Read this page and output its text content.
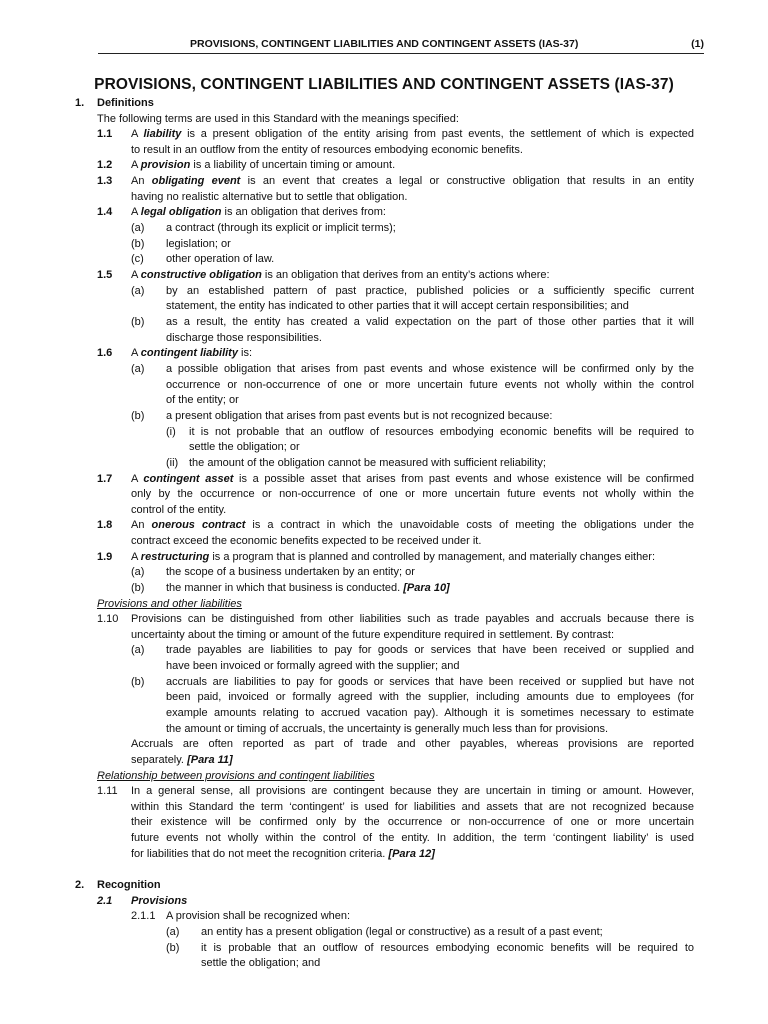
PROVISIONS, CONTINGENT LIABILITIES AND CONTINGENT ASSETS (IAS-37)	(1)
PROVISIONS, CONTINGENT LIABILITIES AND CONTINGENT ASSETS (IAS-37)
1. Definitions
The following terms are used in this Standard with the meanings specified:
1.1 A liability is a present obligation of the entity arising from past events, the settlement of which is expected
to result in an outflow from the entity of resources embodying economic benefits.
1.2 A provision is a liability of uncertain timing or amount.
1.3 An obligating event is an event that creates a legal or constructive obligation that results in an entity
having no realistic alternative but to settle that obligation.
1.4 A legal obligation is an obligation that derives from:
(a) a contract (through its explicit or implicit terms);
(b) legislation; or
(c) other operation of law.
1.5 A constructive obligation is an obligation that derives from an entity’s actions where:
(a) by an established pattern of past practice, published policies or a sufficiently specific current
statement, the entity has indicated to other parties that it will accept certain responsibilities; and
(b) as a result, the entity has created a valid expectation on the part of those other parties that it will
discharge those responsibilities.
1.6 A contingent liability is:
(a) a possible obligation that arises from past events and whose existence will be confirmed only by the
occurrence or non-occurrence of one or more uncertain future events not wholly within the control
of the entity; or
(b) a present obligation that arises from past events but is not recognized because:
(i) it is not probable that an outflow of resources embodying economic benefits will be required to
settle the obligation; or
(ii) the amount of the obligation cannot be measured with sufficient reliability;
1.7 A contingent asset is a possible asset that arises from past events and whose existence will be confirmed
only by the occurrence or non-occurrence of one or more uncertain future events not wholly within the
control of the entity.
1.8 An onerous contract is a contract in which the unavoidable costs of meeting the obligations under the
contract exceed the economic benefits expected to be received under it.
1.9 A restructuring is a program that is planned and controlled by management, and materially changes either:
(a) the scope of a business undertaken by an entity; or
(b) the manner in which that business is conducted. [Para 10]
Provisions and other liabilities
1.10 Provisions can be distinguished from other liabilities such as trade payables and accruals because there is
uncertainty about the timing or amount of the future expenditure required in settlement. By contrast:
(a) trade payables are liabilities to pay for goods or services that have been received or supplied and
have been invoiced or formally agreed with the supplier; and
(b) accruals are liabilities to pay for goods or services that have been received or supplied but have not
been paid, invoiced or formally agreed with the supplier, including amounts due to employees (for
example amounts relating to accrued vacation pay). Although it is sometimes necessary to estimate
the amount or timing of accruals, the uncertainty is generally much less than for provisions.
Accruals are often reported as part of trade and other payables, whereas provisions are reported
separately. [Para 11]
Relationship between provisions and contingent liabilities
1.11 In a general sense, all provisions are contingent because they are uncertain in timing or amount. However,
within this Standard the term ‘contingent’ is used for liabilities and assets that are not recognized because
their existence will be confirmed only by the occurrence or non-occurrence of one or more uncertain
future events not wholly within the control of the entity. In addition, the term ‘contingent liability’ is used
for liabilities that do not meet the recognition criteria. [Para 12]
2. Recognition
2.1 Provisions
2.1.1 A provision shall be recognized when:
(a) an entity has a present obligation (legal or constructive) as a result of a past event;
(b) it is probable that an outflow of resources embodying economic benefits will be required to
settle the obligation; and
